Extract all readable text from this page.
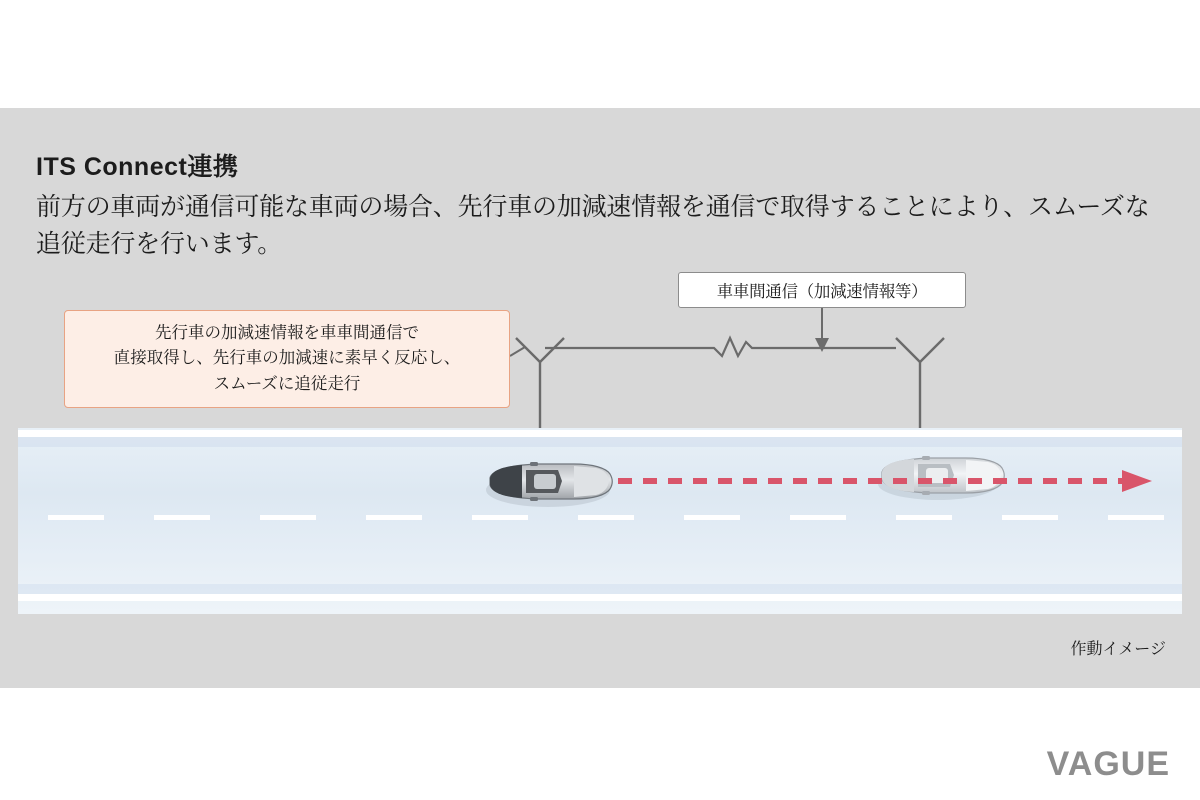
ITS Connect連携
前方の車両が通信可能な車両の場合、先行車の加減速情報を通信で取得することにより、スムーズな追従走行を行います。
先行車の加減速情報を車車間通信で
直接取得し、先行車の加減速に素早く反応し、
スムーズに追従走行
車車間通信（加減速情報等）
作動イメージ
VAGUE
